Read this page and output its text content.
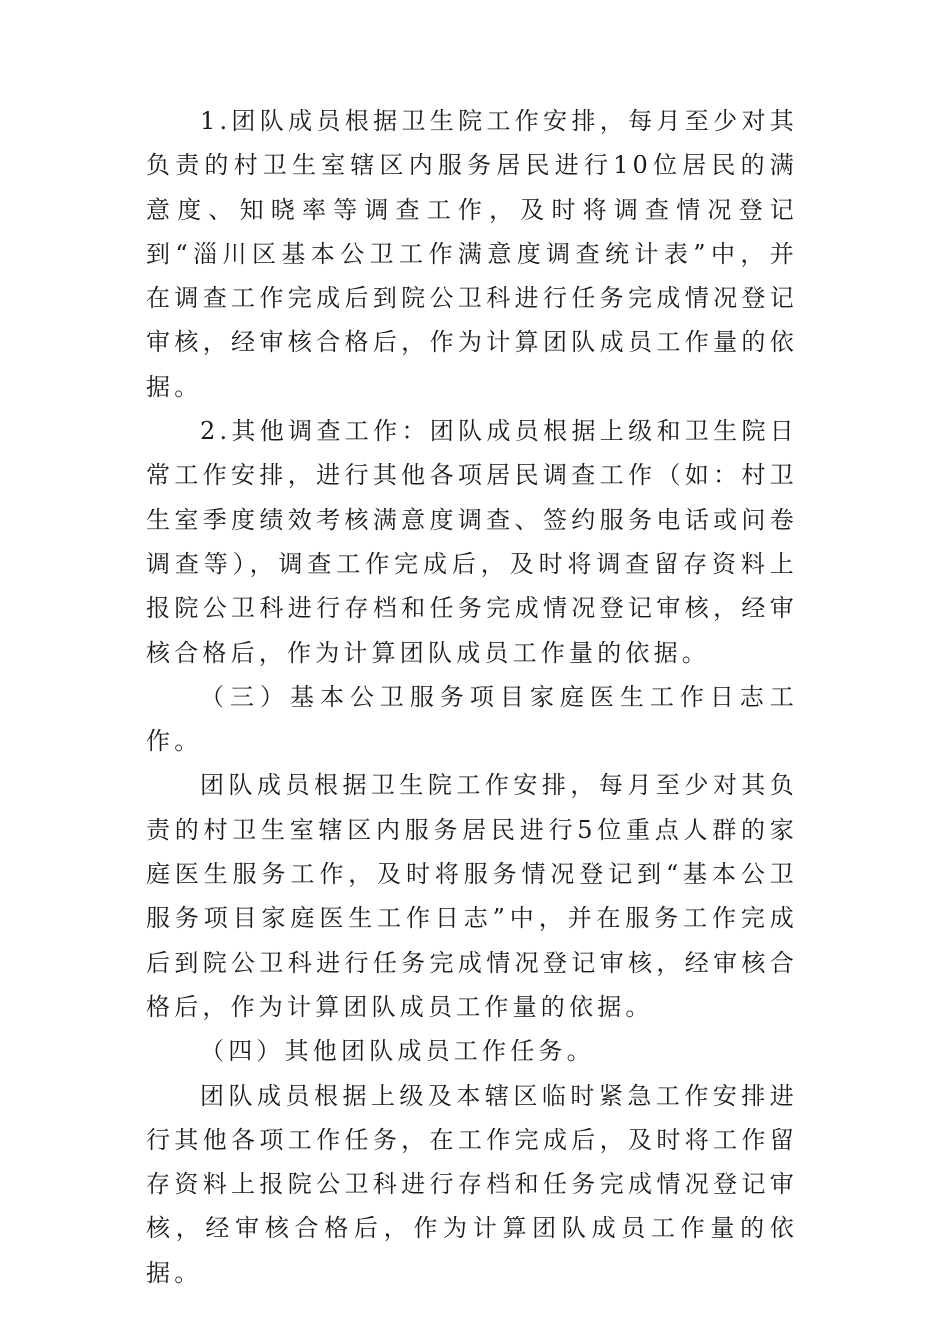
1.团队成员根据卫生院工作安排，每月至少对其负责的村卫生室辖区内服务居民进行10位居民的满意度、知晓率等调查工作，及时将调查情况登记到“淄川区基本公卫工作满意度调查统计表”中，并在调查工作完成后到院公卫科进行任务完成情况登记审核，经审核合格后，作为计算团队成员工作量的依据。

2.其他调查工作：团队成员根据上级和卫生院日常工作安排，进行其他各项居民调查工作（如：村卫生室季度绩效考核满意度调查、签约服务电话或问卷调查等），调查工作完成后，及时将调查留存资料上报院公卫科进行存档和任务完成情况登记审核，经审核合格后，作为计算团队成员工作量的依据。

（三）基本公卫服务项目家庭医生工作日志工作。

团队成员根据卫生院工作安排，每月至少对其负责的村卫生室辖区内服务居民进行5位重点人群的家庭医生服务工作，及时将服务情况登记到“基本公卫服务项目家庭医生工作日志”中，并在服务工作完成后到院公卫科进行任务完成情况登记审核，经审核合格后，作为计算团队成员工作量的依据。

（四）其他团队成员工作任务。

团队成员根据上级及本辖区临时紧急工作安排进行其他各项工作任务，在工作完成后，及时将工作留存资料上报院公卫科进行存档和任务完成情况登记审核，经审核合格后，作为计算团队成员工作量的依据。
